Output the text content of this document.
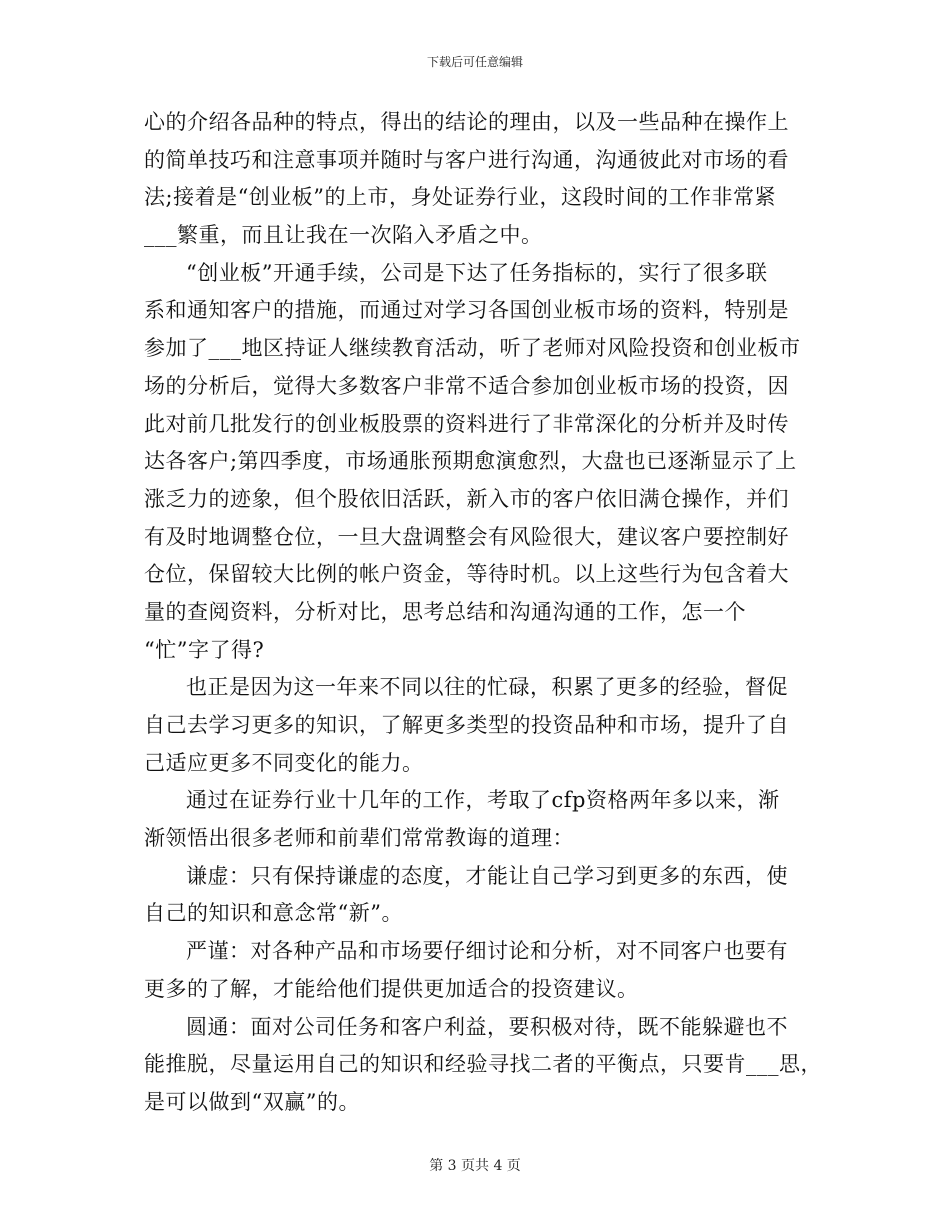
下载后可任意编辑
心的介绍各品种的特点，得出的结论的理由，以及一些品种在操作上
的简单技巧和注意事项并随时与客户进行沟通，沟通彼此对市场的看
法;接着是“创业板”的上市，身处证券行业，这段时间的工作非常紧
___繁重，而且让我在一次陷入矛盾之中。
“创业板”开通手续，公司是下达了任务指标的，实行了很多联
系和通知客户的措施，而通过对学习各国创业板市场的资料，特别是
参加了___地区持证人继续教育活动，听了老师对风险投资和创业板市
场的分析后，觉得大多数客户非常不适合参加创业板市场的投资，因
此对前几批发行的创业板股票的资料进行了非常深化的分析并及时传
达各客户;第四季度，市场通胀预期愈演愈烈，大盘也已逐渐显示了上
涨乏力的迹象，但个股依旧活跃，新入市的客户依旧满仓操作，并们
有及时地调整仓位，一旦大盘调整会有风险很大，建议客户要控制好
仓位，保留较大比例的帐户资金，等待时机。以上这些行为包含着大
量的查阅资料，分析对比，思考总结和沟通沟通的工作，怎一个
“忙”字了得?
也正是因为这一年来不同以往的忙碌，积累了更多的经验，督促
自己去学习更多的知识，了解更多类型的投资品种和市场，提升了自
己适应更多不同变化的能力。
通过在证券行业十几年的工作，考取了cfp资格两年多以来，渐
渐领悟出很多老师和前辈们常常教诲的道理：
谦虚：只有保持谦虚的态度，才能让自己学习到更多的东西，使
自己的知识和意念常“新”。
严谨：对各种产品和市场要仔细讨论和分析，对不同客户也要有
更多的了解，才能给他们提供更加适合的投资建议。
圆通：面对公司任务和客户利益，要积极对待，既不能躲避也不
能推脱，尽量运用自己的知识和经验寻找二者的平衡点，只要肯___思，
是可以做到“双赢”的。
第 3 页共 4 页
